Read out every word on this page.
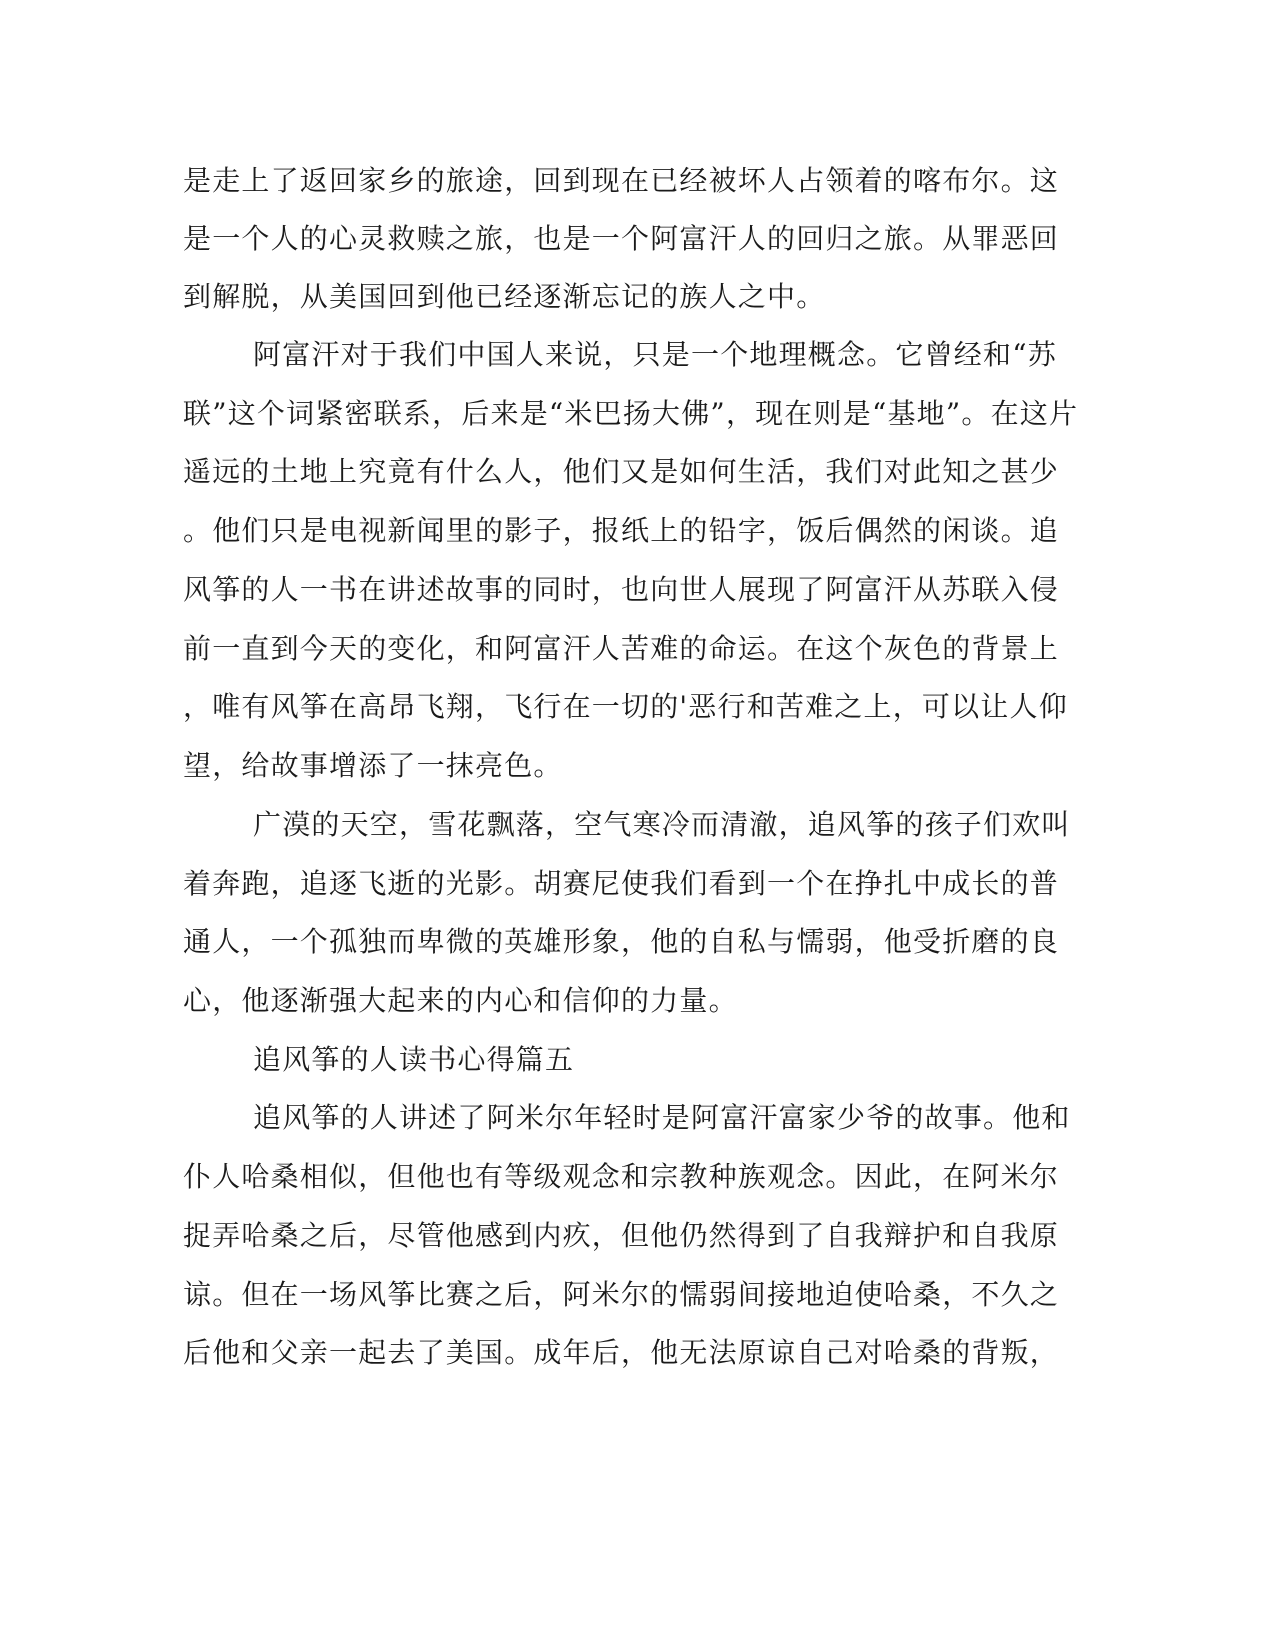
是走上了返回家乡的旅途，回到现在已经被坏人占领着的喀布尔。这
是一个人的心灵救赎之旅，也是一个阿富汗人的回归之旅。从罪恶回
到解脱，从美国回到他已经逐渐忘记的族人之中。
阿富汗对于我们中国人来说，只是一个地理概念。它曾经和“苏
联”这个词紧密联系，后来是“米巴扬大佛”，现在则是“基地”。在这片
遥远的土地上究竟有什么人，他们又是如何生活，我们对此知之甚少
。他们只是电视新闻里的影子，报纸上的铅字，饭后偶然的闲谈。追
风筝的人一书在讲述故事的同时，也向世人展现了阿富汗从苏联入侵
前一直到今天的变化，和阿富汗人苦难的命运。在这个灰色的背景上
，唯有风筝在高昂飞翔，飞行在一切的'恶行和苦难之上，可以让人仰
望，给故事增添了一抹亮色。
广漠的天空，雪花飘落，空气寒冷而清澈，追风筝的孩子们欢叫
着奔跑，追逐飞逝的光影。胡赛尼使我们看到一个在挣扎中成长的普
通人，一个孤独而卑微的英雄形象，他的自私与懦弱，他受折磨的良
心，他逐渐强大起来的内心和信仰的力量。
追风筝的人读书心得篇五
追风筝的人讲述了阿米尔年轻时是阿富汗富家少爷的故事。他和
仆人哈桑相似，但他也有等级观念和宗教种族观念。因此，在阿米尔
捉弄哈桑之后，尽管他感到内疚，但他仍然得到了自我辩护和自我原
谅。但在一场风筝比赛之后，阿米尔的懦弱间接地迫使哈桑，不久之
后他和父亲一起去了美国。成年后，他无法原谅自己对哈桑的背叛，
